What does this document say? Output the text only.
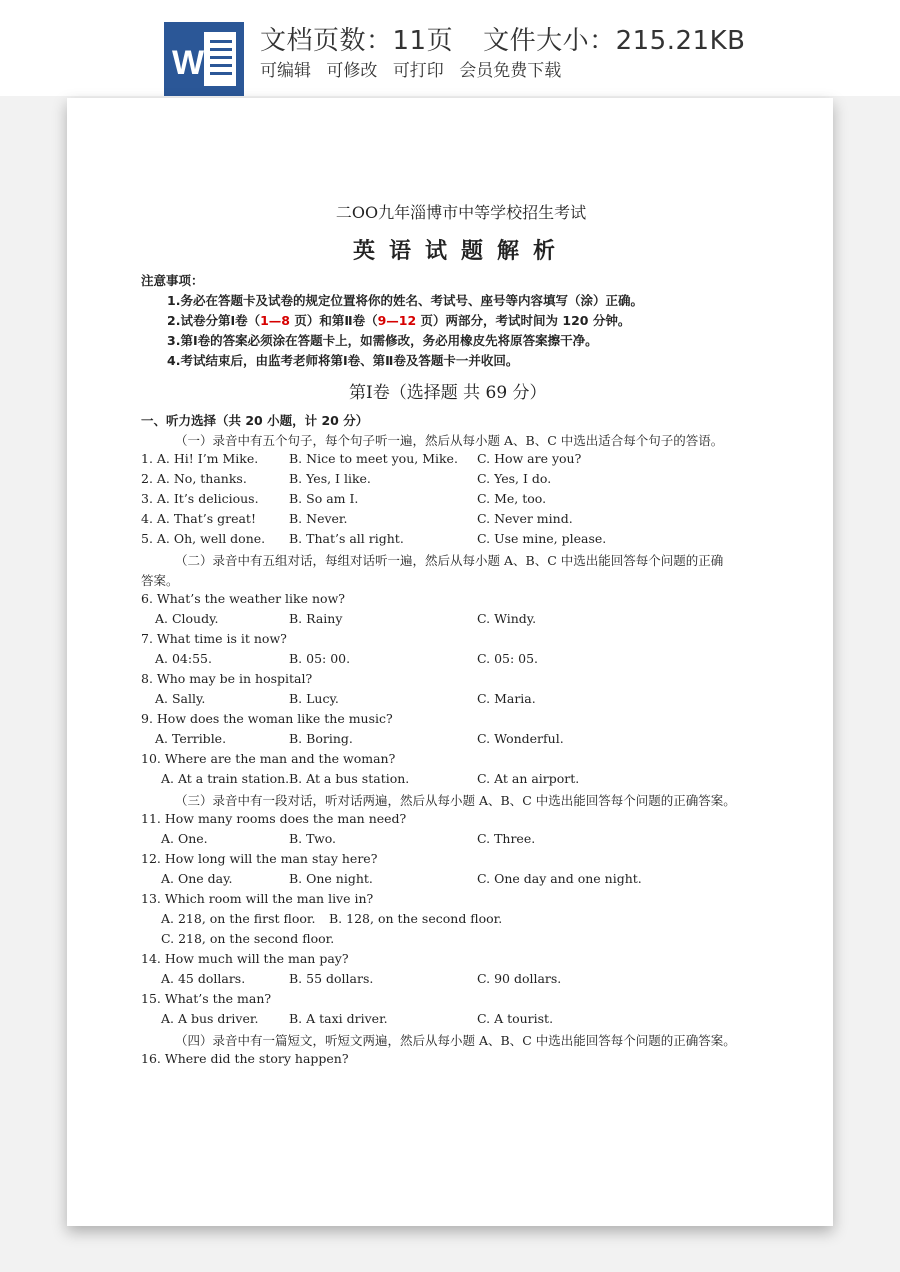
W
文档页数：11页 文件大小：215.21KB
可编辑 可修改 可打印 会员免费下载
二OO九年淄博市中等学校招生考试
英语试题解析
注意事项：
1.务必在答题卡及试卷的规定位置将你的姓名、考试号、座号等内容填写（涂）正确。
2.试卷分第Ⅰ卷（1—8 页）和第Ⅱ卷（9—12 页）两部分，考试时间为 120 分钟。
3.第Ⅰ卷的答案必须涂在答题卡上，如需修改，务必用橡皮先将原答案擦干净。
4.考试结束后，由监考老师将第Ⅰ卷、第Ⅱ卷及答题卡一并收回。
第Ⅰ卷（选择题 共 69 分）
一、听力选择（共 20 小题，计 20 分）
（一）录音中有五个句子，每个句子听一遍，然后从每小题 A、B、C 中选出适合每个句子的答语。
1. A. Hi! I’m Mike. B. Nice to meet you, Mike. C. How are you?
2. A. No, thanks.	B. Yes, I like.	C. Yes, I do.
3. A. It’s delicious. B. So am I.	C. Me, too.
4. A. That’s great!	B. Never.	C. Never mind.
5. A. Oh, well done. B. That’s all right.	C. Use mine, please.
（二）录音中有五组对话，每组对话听一遍，然后从每小题 A、B、C 中选出能回答每个问题的正确
答案。
6. What’s the weather like now?
A. Cloudy.	B. Rainy	C. Windy.
7. What time is it now?
A. 04:55.	B. 05: 00.	C. 05: 05.
8. Who may be in hospital?
A. Sally.	B. Lucy.	C. Maria.
9. How does the woman like the music?
A. Terrible.	B. Boring.	C. Wonderful.
10. Where are the man and the woman?
A. At a train station. B. At a bus station.	C. At an airport.
（三）录音中有一段对话，听对话两遍，然后从每小题 A、B、C 中选出能回答每个问题的正确答案。
11. How many rooms does the man need?
A. One.	B. Two.	C. Three.
12. How long will the man stay here?
A. One day.	B. One night.	C. One day and one night.
13. Which room will the man live in?
A. 218, on the first floor. B. 128, on the second floor.
C. 218, on the second floor.
14. How much will the man pay?
A. 45 dollars.	B. 55 dollars.	C. 90 dollars.
15. What’s the man?
A. A bus driver. B. A taxi driver.	C. A tourist.
（四）录音中有一篇短文，听短文两遍，然后从每小题 A、B、C 中选出能回答每个问题的正确答案。
16. Where did the story happen?
